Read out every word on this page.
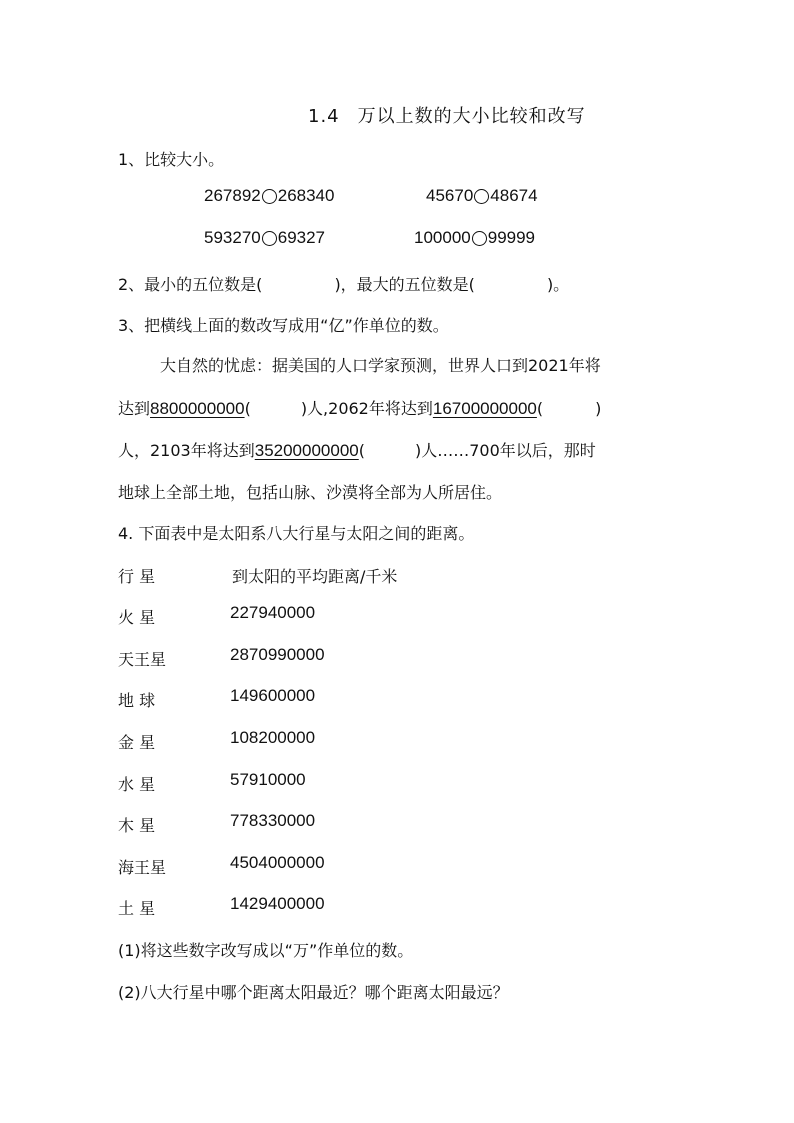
1.4 万以上数的大小比较和改写
1、比较大小。
267892 268340	45670 48674
593270 69327	100000 99999
2、最小的五位数是(	)，最大的五位数是(	)。
3、把横线上面的数改写成用“亿”作单位的数。
大自然的忧虑：据美国的人口学家预测，世界人口到2021年将
达到8800000000(	)人,2062年将达到16700000000(	)
人，2103年将达到35200000000(	)人……700年以后，那时
地球上全部土地，包括山脉、沙漠将全部为人所居住。
4. 下面表中是太阳系八大行星与太阳之间的距离。
行 星	到太阳的平均距离/千米
火 星	227940000
天王星	2870990000
地 球	149600000
金 星	108200000
水 星	57910000
木 星	778330000
海王星	4504000000
土 星	1429400000
(1)将这些数字改写成以“万”作单位的数。
(2)八大行星中哪个距离太阳最近？哪个距离太阳最远？
